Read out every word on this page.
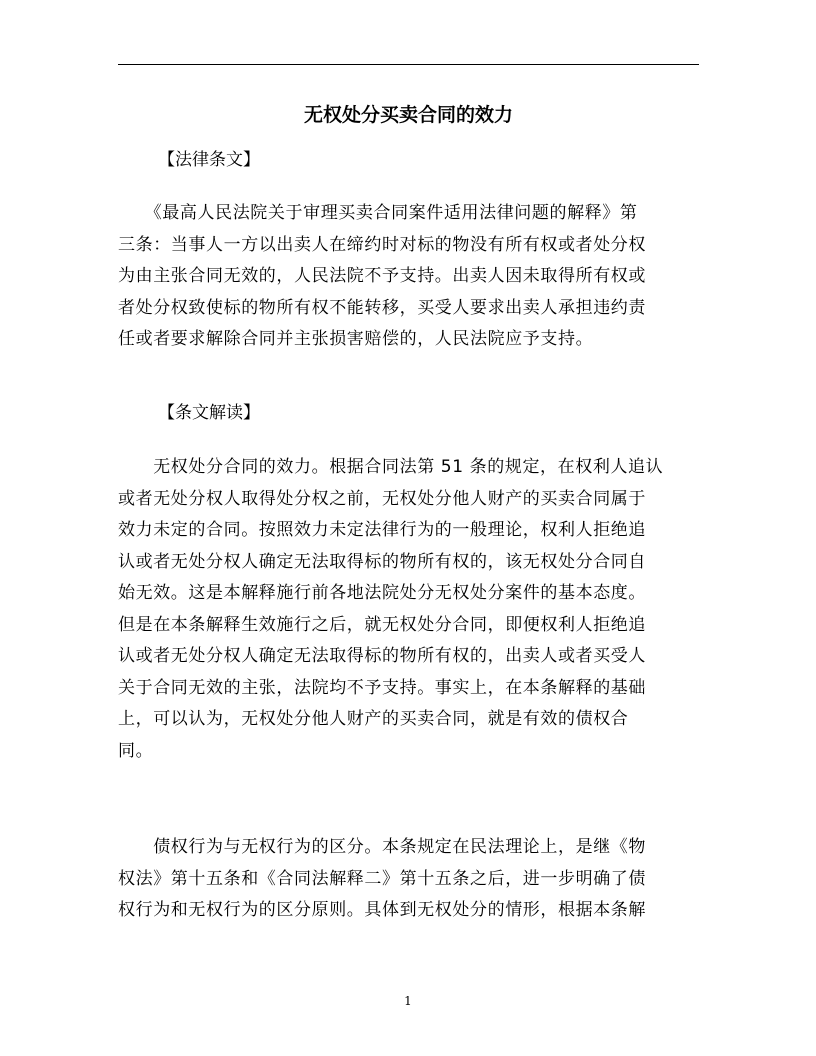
无权处分买卖合同的效力
【法律条文】

　　《最高人民法院关于审理买卖合同案件适用法律问题的解释》第
三条：当事人一方以出卖人在缔约时对标的物没有所有权或者处分权
为由主张合同无效的，人民法院不予支持。出卖人因未取得所有权或
者处分权致使标的物所有权不能转移，买受人要求出卖人承担违约责
任或者要求解除合同并主张损害赔偿的，人民法院应予支持。

【条文解读】

　　无权处分合同的效力。根据合同法第 51 条的规定，在权利人追认
或者无处分权人取得处分权之前，无权处分他人财产的买卖合同属于
效力未定的合同。按照效力未定法律行为的一般理论，权利人拒绝追
认或者无处分权人确定无法取得标的物所有权的，该无权处分合同自
始无效。这是本解释施行前各地法院处分无权处分案件的基本态度。
但是在本条解释生效施行之后，就无权处分合同，即便权利人拒绝追
认或者无处分权人确定无法取得标的物所有权的，出卖人或者买受人
关于合同无效的主张，法院均不予支持。事实上，在本条解释的基础
上，可以认为，无权处分他人财产的买卖合同，就是有效的债权合
同。

　　债权行为与无权行为的区分。本条规定在民法理论上，是继《物
权法》第十五条和《合同法解释二》第十五条之后，进一步明确了债
权行为和无权行为的区分原则。具体到无权处分的情形，根据本条解

1
